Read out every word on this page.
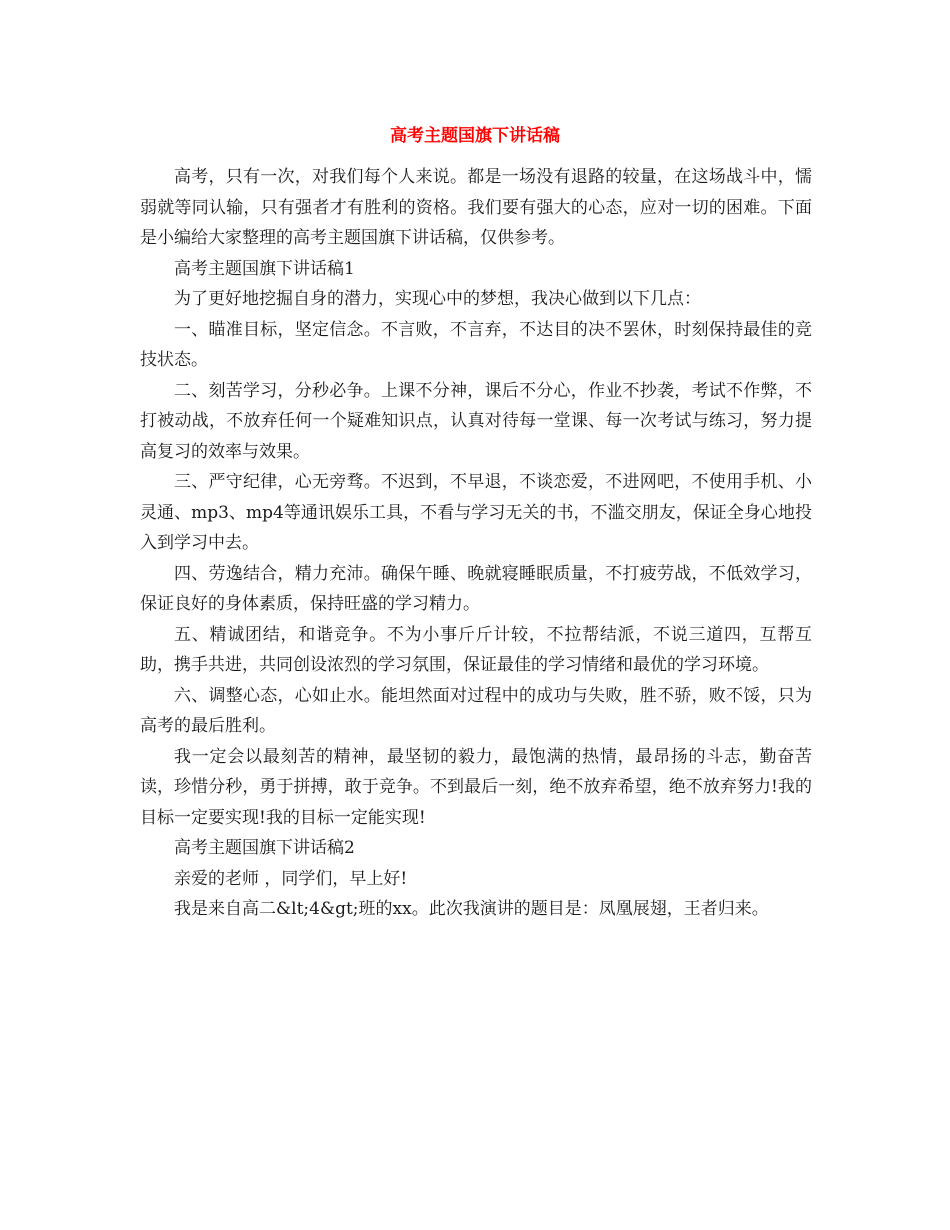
高考主题国旗下讲话稿

高考，只有一次，对我们每个人来说。都是一场没有退路的较量，在这场战斗中，懦弱就等同认输，只有强者才有胜利的资格。我们要有强大的心态，应对一切的困难。下面是小编给大家整理的高考主题国旗下讲话稿，仅供参考。

高考主题国旗下讲话稿1

为了更好地挖掘自身的潜力，实现心中的梦想，我决心做到以下几点：

一、瞄准目标，坚定信念。不言败，不言弃，不达目的决不罢休，时刻保持最佳的竞技状态。

二、刻苦学习，分秒必争。上课不分神，课后不分心，作业不抄袭，考试不作弊，不打被动战，不放弃任何一个疑难知识点，认真对待每一堂课、每一次考试与练习，努力提高复习的效率与效果。

三、严守纪律，心无旁骛。不迟到，不早退，不谈恋爱，不进网吧，不使用手机、小灵通、mp3、mp4等通讯娱乐工具，不看与学习无关的书，不滥交朋友，保证全身心地投入到学习中去。

四、劳逸结合，精力充沛。确保午睡、晚就寝睡眠质量，不打疲劳战，不低效学习，保证良好的身体素质，保持旺盛的学习精力。

五、精诚团结，和谐竞争。不为小事斤斤计较，不拉帮结派，不说三道四，互帮互助，携手共进，共同创设浓烈的学习氛围，保证最佳的学习情绪和最优的学习环境。

六、调整心态，心如止水。能坦然面对过程中的成功与失败，胜不骄，败不馁，只为高考的最后胜利。

我一定会以最刻苦的精神，最坚韧的毅力，最饱满的热情，最昂扬的斗志，勤奋苦读，珍惜分秒，勇于拼搏，敢于竞争。不到最后一刻，绝不放弃希望，绝不放弃努力!我的目标一定要实现!我的目标一定能实现!

高考主题国旗下讲话稿2

亲爱的老师 ，同学们，早上好!

我是来自高二&lt;4&gt;班的xx。此次我演讲的题目是：凤凰展翅，王者归来。
